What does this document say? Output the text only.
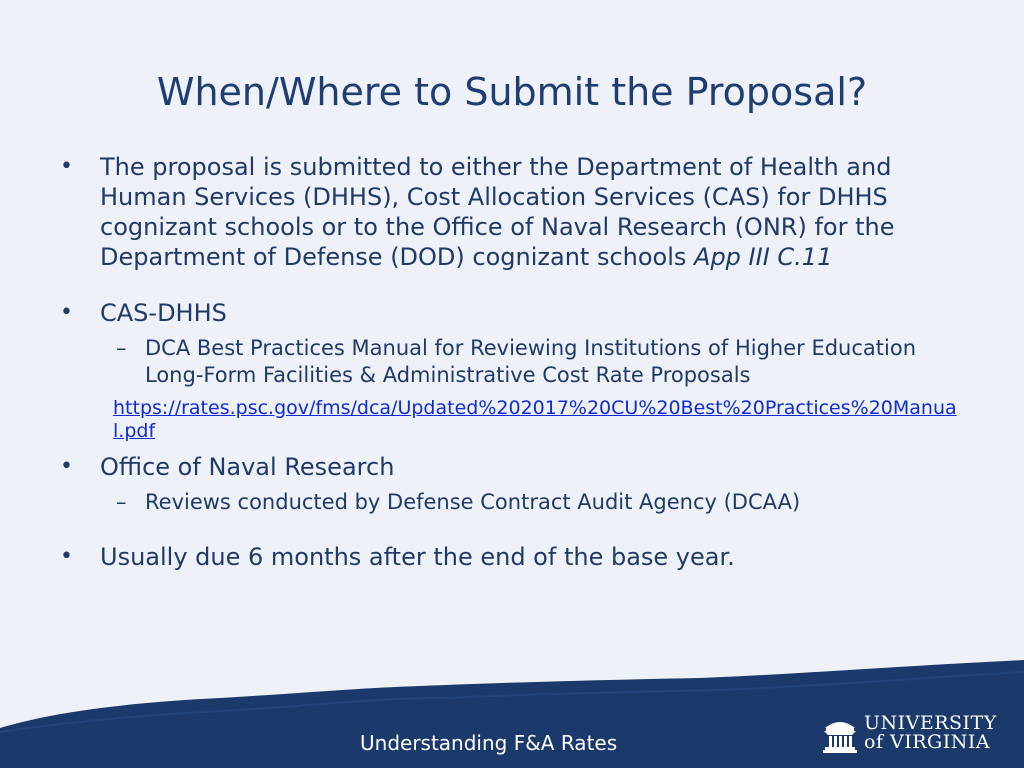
When/Where to Submit the Proposal?
• The proposal is submitted to either the Department of Health and Human Services (DHHS), Cost Allocation Services (CAS) for DHHS cognizant schools or to the Office of Naval Research (ONR) for the Department of Defense (DOD) cognizant schools App III C.11
• CAS-DHHS
– DCA Best Practices Manual for Reviewing Institutions of Higher Education Long-Form Facilities & Administrative Cost Rate Proposals
https://rates.psc.gov/fms/dca/Updated%202017%20CU%20Best%20Practices%20Manual.pdf
• Office of Naval Research
– Reviews conducted by Defense Contract Audit Agency (DCAA)
• Usually due 6 months after the end of the base year.
Understanding F&A Rates
UNIVERSITY
of VIRGINIA
